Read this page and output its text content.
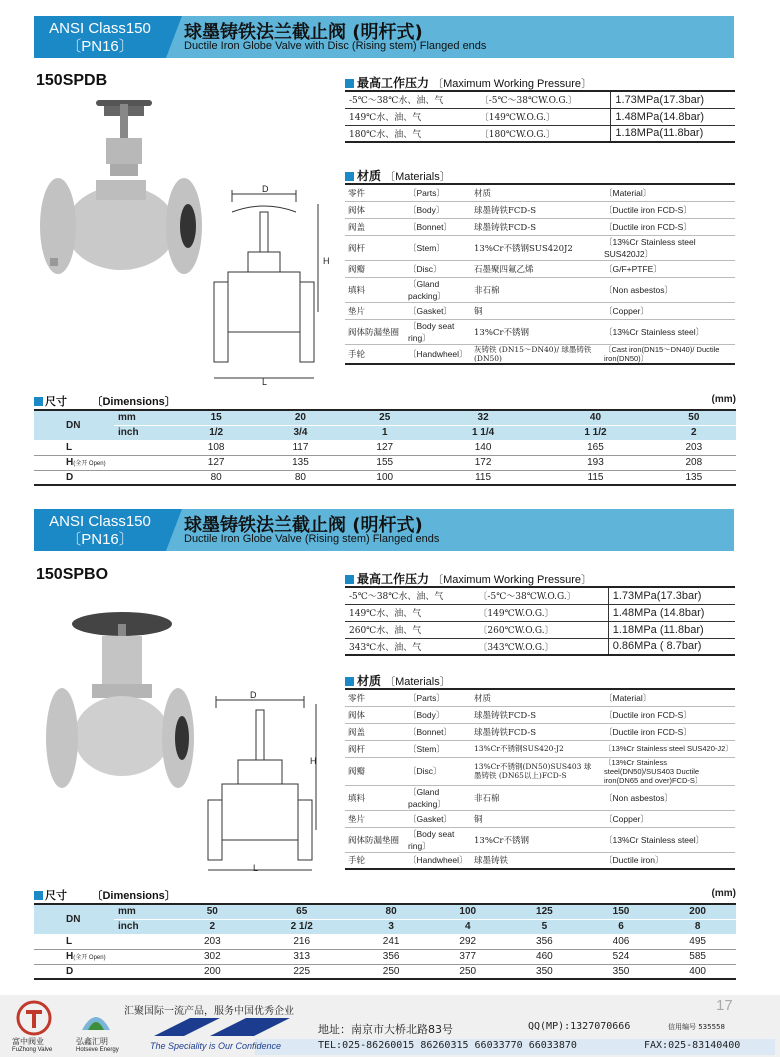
ANSI Class150
〔PN16〕
球墨铸铁法兰截止阀 (明杆式)
Ductile Iron Globe Valve with Disc (Rising stem) Flanged ends
150SPDB
D
H
L
最高工作压力 〔Maximum Working Pressure〕
-5℃～38℃水、油、气	〔-5℃～38℃W.O.G.〕	1.73MPa(17.3bar)
149℃水、油、气	〔149℃W.O.G.〕	1.48MPa(14.8bar)
180℃水、油、气	〔180℃W.O.G.〕	1.18MPa(11.8bar)
材质 〔Materials〕
零件	〔Parts〕	材质	〔Material〕
阀体	〔Body〕	球墨铸铁FCD-S	〔Ductile iron FCD-S〕
阀盖	〔Bonnet〕	球墨铸铁FCD-S	〔Ductile iron FCD-S〕
阀杆	〔Stem〕	13%Cr不锈钢SUS420J2	〔13%Cr Stainless steel SUS420J2〕
阀瓣	〔Disc〕	石墨聚四氟乙烯	〔G/F+PTFE〕
填料	〔Gland packing〕	非石棉	〔Non asbestos〕
垫片	〔Gasket〕	铜	〔Copper〕
阀体防漏垫圈	〔Body seat ring〕	13%Cr不锈钢	〔13%Cr Stainless steel〕
手轮	〔Handwheel〕	灰铸铁 (DN15～DN40)/ 球墨铸铁 (DN50)	〔Cast iron(DN15～DN40)/ Ductile iron(DN50)〕
尺寸 〔Dimensions〕	(mm)
DN	mm	15	20	25	32	40	50
	inch	1/2	3/4	1	1 1/4	1 1/2	2
L		108	117	127	140	165	203
H(全开 Open)		127	135	155	172	193	208
D		80	80	100	115	115	135
ANSI Class150
〔PN16〕
球墨铸铁法兰截止阀 (明杆式)
Ductile Iron Globe Valve (Rising stem) Flanged ends
150SPBO
D
H
L
最高工作压力 〔Maximum Working Pressure〕
-5℃～38℃水、油、气	〔-5℃～38℃W.O.G.〕	1.73MPa(17.3bar)
149℃水、油、气	〔149℃W.O.G.〕	1.48MPa (14.8bar)
260℃水、油、气	〔260℃W.O.G.〕	1.18MPa (11.8bar)
343℃水、油、气	〔343℃W.O.G.〕	0.86MPa ( 8.7bar)
材质 〔Materials〕
零件	〔Parts〕	材质	〔Material〕
阀体	〔Body〕	球墨铸铁FCD-S	〔Ductile iron FCD-S〕
阀盖	〔Bonnet〕	球墨铸铁FCD-S	〔Ductile iron FCD-S〕
阀杆	〔Stem〕	13%Cr不锈钢SUS420-J2	〔13%Cr Stainless steel SUS420-J2〕
阀瓣	〔Disc〕	13%Cr不锈钢(DN50)SUS403 球墨铸铁 (DN65以上)FCD-S	〔13%Cr Stainless steel(DN50)/SUS403 Ductile iron(DN65 and over)FCD-S〕
填料	〔Gland packing〕	非石棉	〔Non asbestos〕
垫片	〔Gasket〕	铜	〔Copper〕
阀体防漏垫圈	〔Body seat ring〕	13%Cr不锈钢	〔13%Cr Stainless steel〕
手轮	〔Handwheel〕	球墨铸铁	〔Ductile iron〕
尺寸 〔Dimensions〕	(mm)
DN	mm	50	65	80	100	125	150	200
	inch	2	2 1/2	3	4	5	6	8
L		203	216	241	292	356	406	495
H(全开 Open)		302	313	356	377	460	524	585
D		200	225	250	250	350	350	400
17
富中阀业
FuZhong Valve
弘鑫汇明
Hotseve Energy
汇聚国际一流产品，服务中国优秀企业
The Speciality is Our Confidence
地址：南京市大桥北路83号	QQ(MP):1327070666	信用编号 535558
TEL:025-86260015 86260315 66033770 66033870	FAX:025-83140400
